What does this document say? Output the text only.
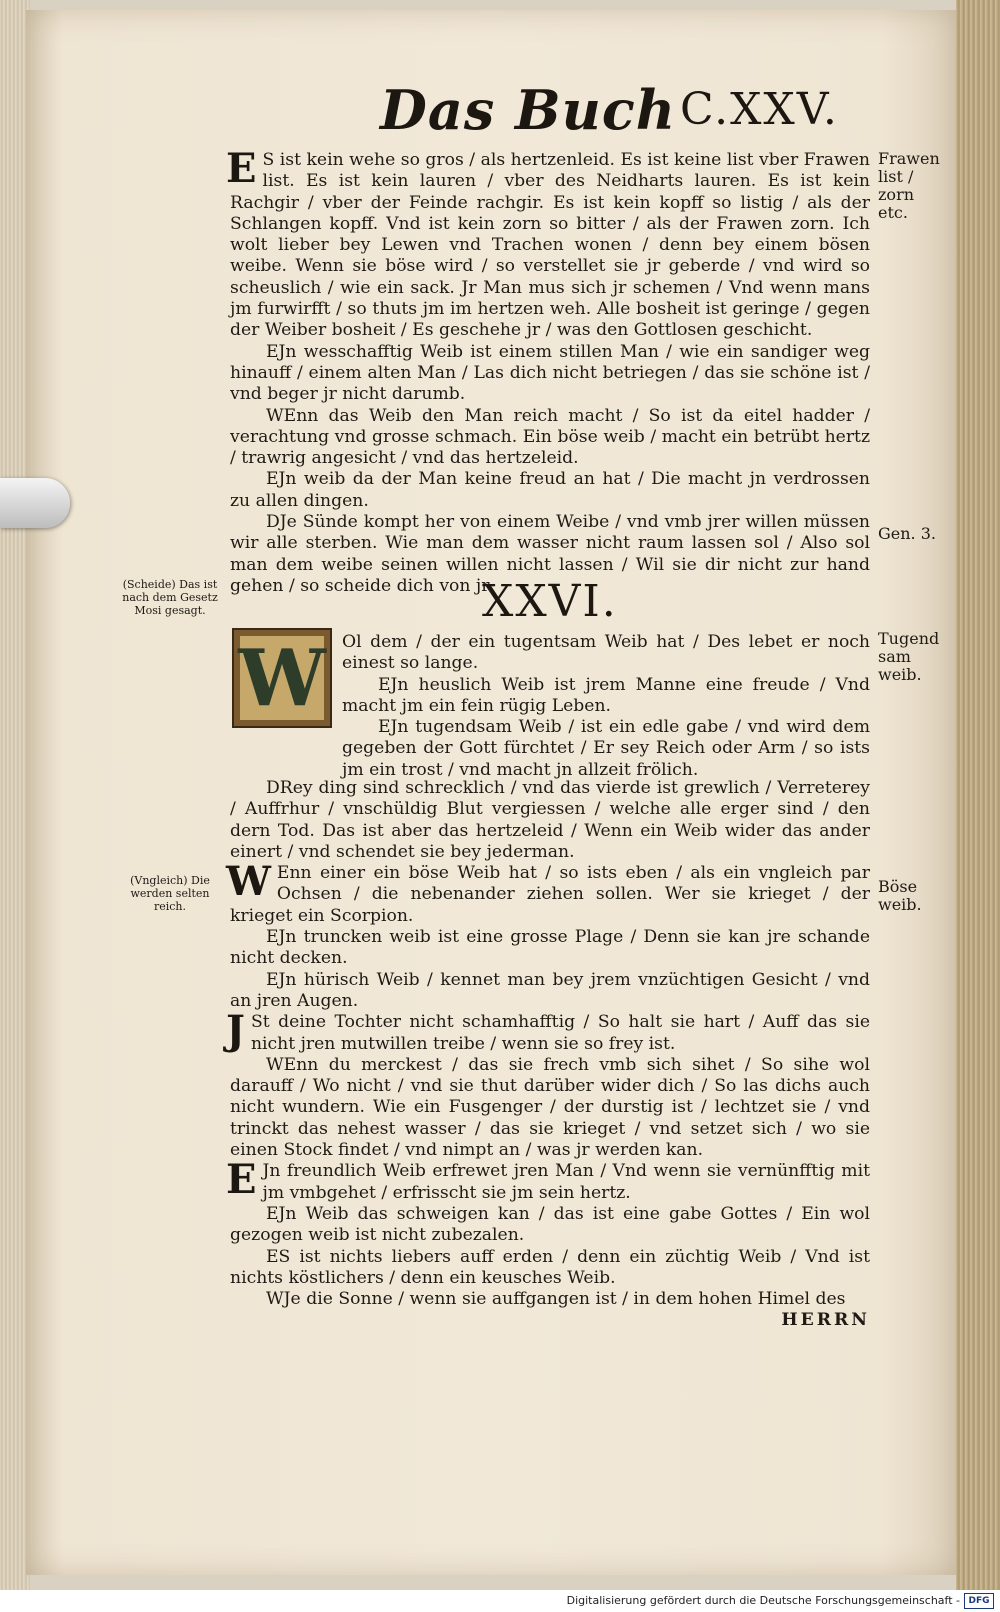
Das Buch C.XXV.

E S ist kein wehe so gros / als hertzenleid. Es ist keine list vber Frawen list. Es ist kein lauren / vber des Neidharts lauren. Es ist kein Rachgir / vber der Feinde rachgir. Es ist kein kopff so listig / als der Schlangen kopff. Vnd ist kein zorn so bitter / als der Frawen zorn. Ich wolt lieber bey Lewen vnd Trachen wonen / denn bey einem bösen weibe. Wenn sie böse wird / so verstellet sie jr geberde / vnd wird so scheuslich / wie ein sack. Jr Man mus sich jr schemen / Vnd wenn mans jm furwirfft / so thuts jm im hertzen weh. Alle bosheit ist geringe / gegen der Weiber bosheit / Es geschehe jr / was den Gottlosen geschicht.

EJn wesschafftig Weib ist einem stillen Man / wie ein sandiger weg hinauff / einem alten Man / Las dich nicht betriegen / das sie schöne ist / vnd beger jr nicht darumb.

WEnn das Weib den Man reich macht / So ist da eitel hadder / verachtung vnd grosse schmach. Ein böse weib / macht ein betrübt hertz / trawrig angesicht / vnd das hertzeleid.

EJn weib da der Man keine freud an hat / Die macht jn verdrossen zu allen dingen.

DJe Sünde kompt her von einem Weibe / vnd vmb jrer willen müssen wir alle sterben. Wie man dem wasser nicht raum lassen sol / Also sol man dem weibe seinen willen nicht lassen / Wil sie dir nicht zur hand gehen / so scheide dich von jr.

XXVI.
W Ol dem / der ein tugentsam Weib hat / Des lebet er noch einest so lange.

EJn heuslich Weib ist jrem Manne eine freude / Vnd macht jm ein fein rügig Leben.

EJn tugendsam Weib / ist ein edle gabe / vnd wird dem gegeben der Gott fürchtet / Er sey Reich oder Arm / so ists jm ein trost / vnd macht jn allzeit frölich.

DRey ding sind schrecklich / vnd das vierde ist grewlich / Verreterey / Auffrhur / vnschüldig Blut vergiessen / welche alle erger sind / den dern Tod. Das ist aber das hertzeleid / Wenn ein Weib wider das ander einert / vnd schendet sie bey jederman.

W Enn einer ein böse Weib hat / so ists eben / als ein vngleich par Ochsen / die nebenander ziehen sollen. Wer sie krieget / der krieget ein Scorpion.

EJn truncken weib ist eine grosse Plage / Denn sie kan jre schande nicht decken.

EJn hürisch Weib / kennet man bey jrem vnzüchtigen Gesicht / vnd an jren Augen.

J St deine Tochter nicht schamhafftig / So halt sie hart / Auff das sie nicht jren mutwillen treibe / wenn sie so frey ist.

WEnn du merckest / das sie frech vmb sich sihet / So sihe wol darauff / Wo nicht / vnd sie thut darüber wider dich / So las dichs auch nicht wundern. Wie ein Fusgenger / der durstig ist / lechtzet sie / vnd trinckt das nehest wasser / das sie krieget / vnd setzet sich / wo sie einen Stock findet / vnd nimpt an / was jr werden kan.

E Jn freundlich Weib erfrewet jren Man / Vnd wenn sie vernünfftig mit jm vmbgehet / erfrisscht sie jm sein hertz.

EJn Weib das schweigen kan / das ist eine gabe Gottes / Ein wol gezogen weib ist nicht zubezalen.

ES ist nichts liebers auff erden / denn ein züchtig Weib / Vnd ist nichts köstlichers / denn ein keusches Weib.

WJe die Sonne / wenn sie auffgangen ist / in dem hohen Himel des

HERRN

Frawen list / zorn etc.
Gen. 3.
Tugend sam weib.
Böse weib.
(Scheide) Das ist nach dem Gesetz Mosi gesagt.
(Vngleich) Die werden selten reich.
Digitalisierung gefördert durch die Deutsche Forschungsgemeinschaft - DFG
